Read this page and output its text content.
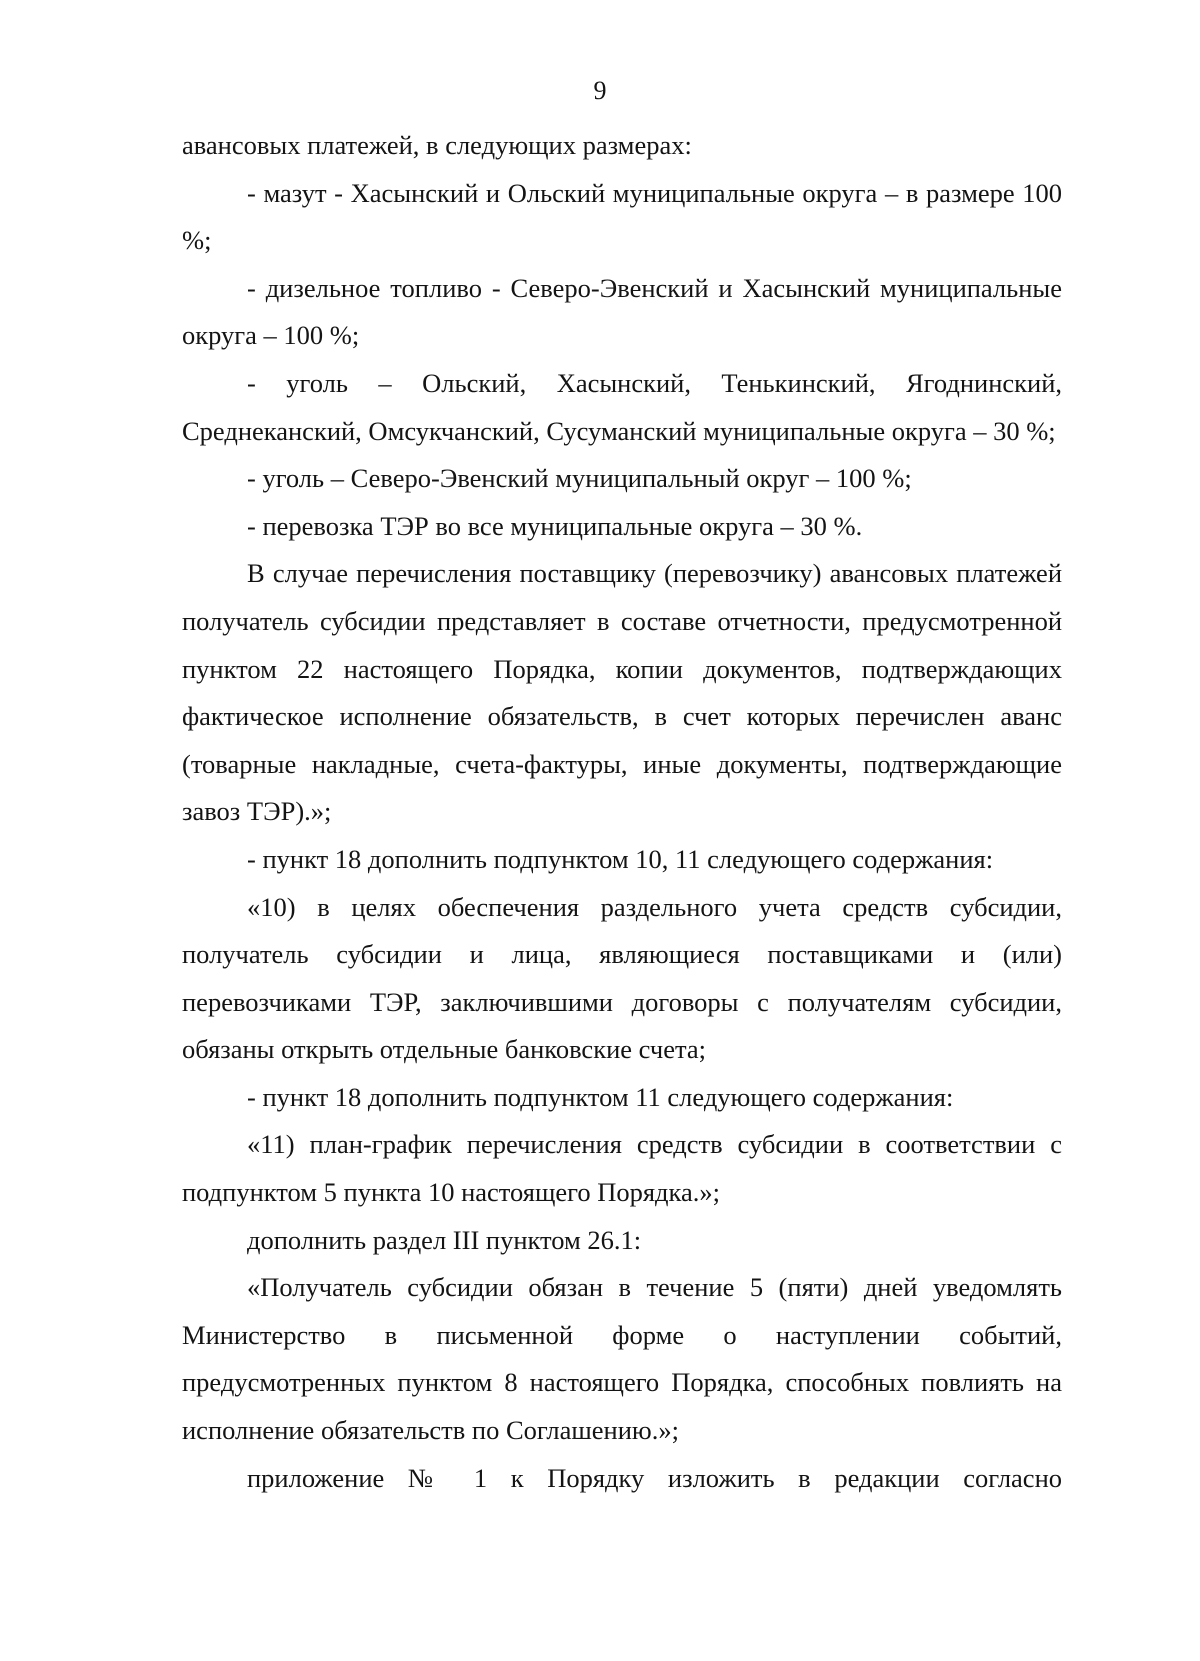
9

авансовых платежей, в следующих размерах:

- мазут - Хасынский и Ольский муниципальные округа – в размере 100 %;

- дизельное топливо - Северо-Эвенский и Хасынский муниципальные округа – 100 %;

- уголь – Ольский, Хасынский, Тенькинский, Ягоднинский, Среднеканский, Омсукчанский, Сусуманский муниципальные округа – 30 %;

- уголь – Северо-Эвенский муниципальный округ – 100 %;

- перевозка ТЭР во все муниципальные округа – 30 %.

В случае перечисления поставщику (перевозчику) авансовых платежей получатель субсидии представляет в составе отчетности, предусмотренной пунктом 22 настоящего Порядка, копии документов, подтверждающих фактическое исполнение обязательств, в счет которых перечислен аванс (товарные накладные, счета-фактуры, иные документы, подтверждающие завоз ТЭР).»;

- пункт 18 дополнить подпунктом 10, 11 следующего содержания:

«10) в целях обеспечения раздельного учета средств субсидии, получатель субсидии и лица, являющиеся поставщиками и (или) перевозчиками ТЭР, заключившими договоры с получателям субсидии, обязаны открыть отдельные банковские счета;

- пункт 18 дополнить подпунктом 11 следующего содержания:

«11) план-график перечисления средств субсидии в соответствии с подпунктом 5 пункта 10 настоящего Порядка.»;

дополнить раздел III пунктом 26.1:

«Получатель субсидии обязан в течение 5 (пяти) дней уведомлять Министерство в письменной форме о наступлении событий, предусмотренных пунктом 8 настоящего Порядка, способных повлиять на исполнение обязательств по Соглашению.»;

приложение № 1 к Порядку изложить в редакции согласно
